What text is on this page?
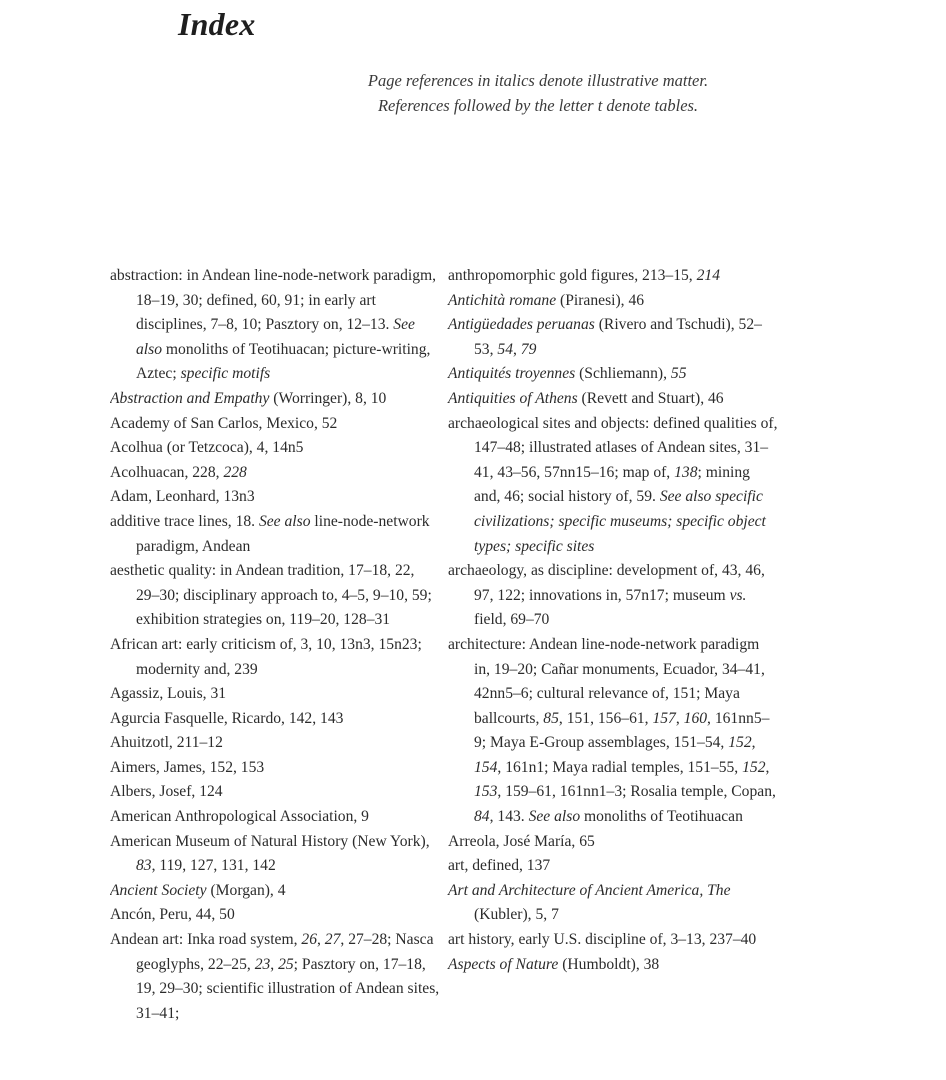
Index
Page references in italics denote illustrative matter.
References followed by the letter t denote tables.

abstraction: in Andean line-node-network paradigm, 18–19, 30; defined, 60, 91; in early art disciplines, 7–8, 10; Pasztory on, 12–13. See also monoliths of Teotihuacan; picture-writing, Aztec; specific motifs

Abstraction and Empathy (Worringer), 8, 10

Academy of San Carlos, Mexico, 52

Acolhua (or Tetzcoca), 4, 14n5

Acolhuacan, 228, 228

Adam, Leonhard, 13n3

additive trace lines, 18. See also line-node-network paradigm, Andean

aesthetic quality: in Andean tradition, 17–18, 22, 29–30; disciplinary approach to, 4–5, 9–10, 59; exhibition strategies on, 119–20, 128–31

African art: early criticism of, 3, 10, 13n3, 15n23; modernity and, 239

Agassiz, Louis, 31

Agurcia Fasquelle, Ricardo, 142, 143

Ahuitzotl, 211–12

Aimers, James, 152, 153

Albers, Josef, 124

American Anthropological Association, 9

American Museum of Natural History (New York), 83, 119, 127, 131, 142

Ancient Society (Morgan), 4

Ancón, Peru, 44, 50

Andean art: Inka road system, 26, 27, 27–28; Nasca geoglyphs, 22–25, 23, 25; Pasztory on, 17–18, 19, 29–30; scientific illustration of Andean sites, 31–41;

anthropomorphic gold figures, 213–15, 214

Antichità romane (Piranesi), 46

Antigüedades peruanas (Rivero and Tschudi), 52–53, 54, 79

Antiquités troyennes (Schliemann), 55

Antiquities of Athens (Revett and Stuart), 46

archaeological sites and objects: defined qualities of, 147–48; illustrated atlases of Andean sites, 31–41, 43–56, 57nn15–16; map of, 138; mining and, 46; social history of, 59. See also specific civilizations; specific museums; specific object types; specific sites

archaeology, as discipline: development of, 43, 46, 97, 122; innovations in, 57n17; museum vs. field, 69–70

architecture: Andean line-node-network paradigm in, 19–20; Cañar monuments, Ecuador, 34–41, 42nn5–6; cultural relevance of, 151; Maya ballcourts, 85, 151, 156–61, 157, 160, 161nn5–9; Maya E-Group assemblages, 151–54, 152, 154, 161n1; Maya radial temples, 151–55, 152, 153, 159–61, 161nn1–3; Rosalia temple, Copan, 84, 143. See also monoliths of Teotihuacan

Arreola, José María, 65

art, defined, 137

Art and Architecture of Ancient America, The (Kubler), 5, 7

art history, early U.S. discipline of, 3–13, 237–40

Aspects of Nature (Humboldt), 38
